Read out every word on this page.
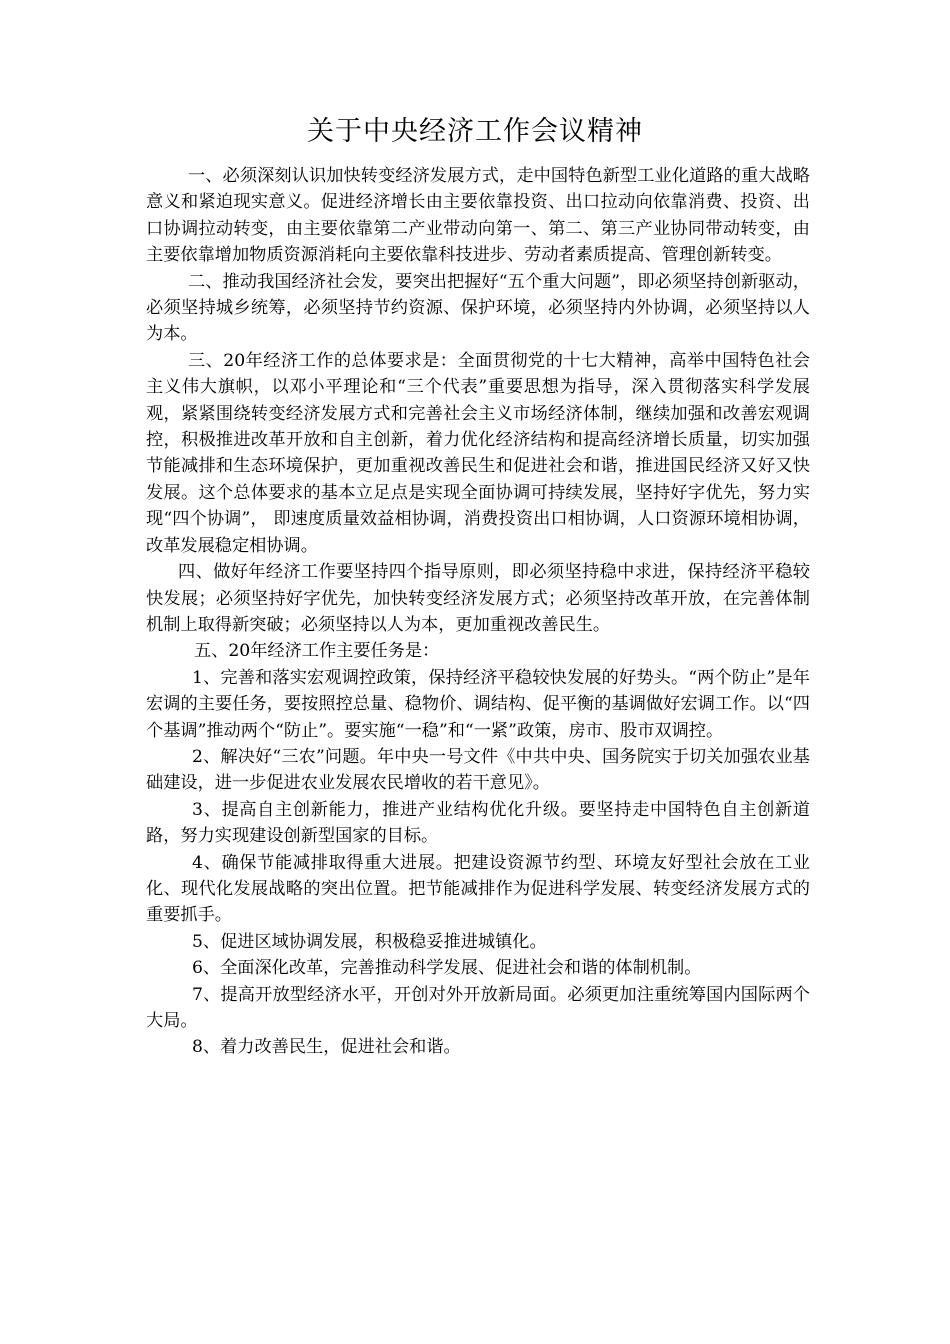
关于中央经济工作会议精神

一、必须深刻认识加快转变经济发展方式，走中国特色新型工业化道路的重大战略意义和紧迫现实意义。促进经济增长由主要依靠投资、出口拉动向依靠消费、投资、出口协调拉动转变，由主要依靠第二产业带动向第一、第二、第三产业协同带动转变，由主要依靠增加物质资源消耗向主要依靠科技进步、劳动者素质提高、管理创新转变。

二、推动我国经济社会发，要突出把握好“五个重大问题”，即必须坚持创新驱动，必须坚持城乡统筹，必须坚持节约资源、保护环境，必须坚持内外协调，必须坚持以人为本。

三、20年经济工作的总体要求是：全面贯彻党的十七大精神，高举中国特色社会主义伟大旗帜，以邓小平理论和“三个代表”重要思想为指导，深入贯彻落实科学发展观，紧紧围绕转变经济发展方式和完善社会主义市场经济体制，继续加强和改善宏观调控，积极推进改革开放和自主创新，着力优化经济结构和提高经济增长质量，切实加强节能减排和生态环境保护，更加重视改善民生和促进社会和谐，推进国民经济又好又快发展。这个总体要求的基本立足点是实现全面协调可持续发展，坚持好字优先，努力实现“四个协调”， 即速度质量效益相协调，消费投资出口相协调，人口资源环境相协调，改革发展稳定相协调。

四、做好年经济工作要坚持四个指导原则，即必须坚持稳中求进，保持经济平稳较快发展；必须坚持好字优先，加快转变经济发展方式；必须坚持改革开放，在完善体制机制上取得新突破；必须坚持以人为本，更加重视改善民生。

五、20年经济工作主要任务是：

1、完善和落实宏观调控政策，保持经济平稳较快发展的好势头。“两个防止”是年宏调的主要任务，要按照控总量、稳物价、调结构、促平衡的基调做好宏调工作。以“四个基调”推动两个“防止”。要实施“一稳”和“一紧”政策，房市、股市双调控。

2、解决好“三农”问题。年中央一号文件《中共中央、国务院实于切关加强农业基础建设，进一步促进农业发展农民增收的若干意见》。

3、提高自主创新能力，推进产业结构优化升级。要坚持走中国特色自主创新道路，努力实现建设创新型国家的目标。

4、确保节能减排取得重大进展。把建设资源节约型、环境友好型社会放在工业化、现代化发展战略的突出位置。把节能减排作为促进科学发展、转变经济发展方式的重要抓手。

5、促进区域协调发展，积极稳妥推进城镇化。

6、全面深化改革，完善推动科学发展、促进社会和谐的体制机制。

7、提高开放型经济水平，开创对外开放新局面。必须更加注重统筹国内国际两个大局。

8、着力改善民生，促进社会和谐。
